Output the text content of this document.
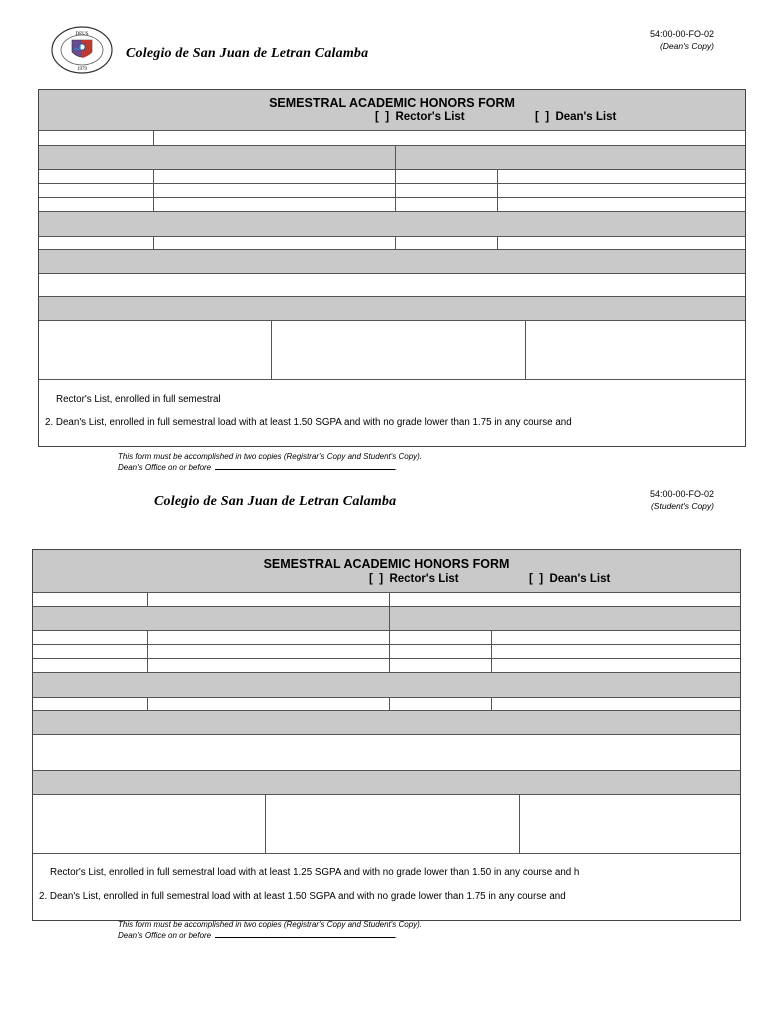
DEUS
1979
Colegio de San Juan de Letran Calamba
54:00-00-FO-02
(Dean's Copy)
SEMESTRAL ACADEMIC HONORS FORM
[  ]  Rector's List	[  ]  Dean's List
Rector's List, enrolled in full semestral
2. Dean's List, enrolled in full semestral load with at least 1.50 SGPA and with no grade lower than 1.75 in any course and
This form must be accomplished in two copies (Registrar's Copy and Student's Copy).
Dean's Office on or before	.
Colegio de San Juan de Letran Calamba	54:00-00-FO-02
(Student's Copy)
SEMESTRAL ACADEMIC HONORS FORM
[  ]  Rector's List	[  ]  Dean's List
Rector's List, enrolled in full semestral load with at least 1.25 SGPA and with no grade lower than 1.50 in any course and h
2. Dean's List, enrolled in full semestral load with at least 1.50 SGPA and with no grade lower than 1.75 in any course and
This form must be accomplished in two copies (Registrar's Copy and Student's Copy).
Dean's Office on or before	.
